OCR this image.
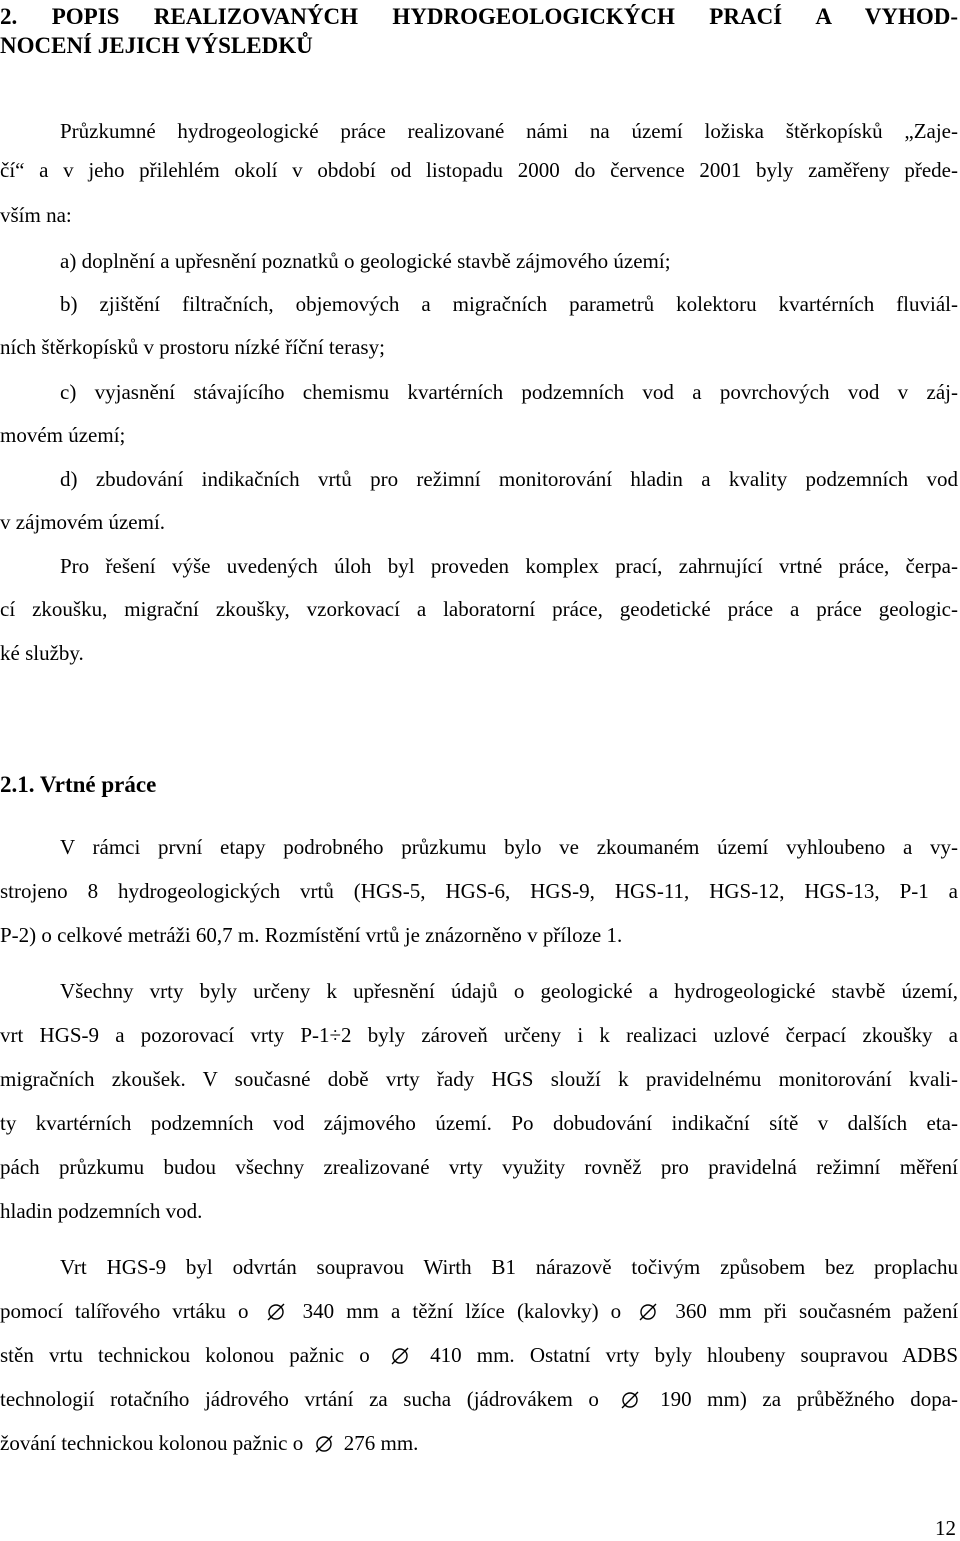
2. POPIS REALIZOVANÝCH HYDROGEOLOGICKÝCH PRACÍ A VYHOD-
NOCENÍ JEJICH VÝSLEDKŮ
Průzkumné hydrogeologické práce realizované námi na území ložiska štěrkopísků „Zaje-
čí“ a v jeho přilehlém okolí v období od listopadu 2000 do července 2001 byly zaměřeny přede-
vším na:
a) doplnění a upřesnění poznatků o geologické stavbě zájmového území;
b) zjištění filtračních, objemových a migračních parametrů kolektoru kvartérních fluviál-
ních štěrkopísků v prostoru nízké říční terasy;
c) vyjasnění stávajícího chemismu kvartérních podzemních vod a povrchových vod v záj-
movém území;
d) zbudování indikačních vrtů pro režimní monitorování hladin a kvality podzemních vod
v zájmovém území.
Pro řešení výše uvedených úloh byl proveden komplex prací, zahrnující vrtné práce, čerpa-
cí zkoušku, migrační zkoušky, vzorkovací a laboratorní práce, geodetické práce a práce geologic-
ké služby.
2.1. Vrtné práce
V rámci první etapy podrobného průzkumu bylo ve zkoumaném území vyhloubeno a vy-
strojeno 8 hydrogeologických vrtů (HGS-5, HGS-6, HGS-9, HGS-11, HGS-12, HGS-13, P-1 a
P-2) o celkové metráži 60,7 m. Rozmístění vrtů je znázorněno v příloze 1.
Všechny vrty byly určeny k upřesnění údajů o geologické a hydrogeologické stavbě území,
vrt HGS-9 a pozorovací vrty P-1÷2 byly zároveň určeny i k realizaci uzlové čerpací zkoušky a
migračních zkoušek. V současné době vrty řady HGS slouží k pravidelnému monitorování kvali-
ty kvartérních podzemních vod zájmového území. Po dobudování indikační sítě v dalších eta-
pách průzkumu budou všechny zrealizované vrty využity rovněž pro pravidelná režimní měření
hladin podzemních vod.
Vrt HGS-9 byl odvrtán soupravou Wirth B1 nárazově točivým způsobem bez proplachu
pomocí talířového vrtáku o	340 mm a těžní lžíce (kalovky) o	360 mm při současném pažení
stěn vrtu technickou kolonou pažnic o	410 mm. Ostatní vrty byly hloubeny soupravou ADBS
technologií rotačního jádrového vrtání za sucha (jádrovákem o	190 mm) za průběžného dopa-
žování technickou kolonou pažnic o 276 mm.
12
